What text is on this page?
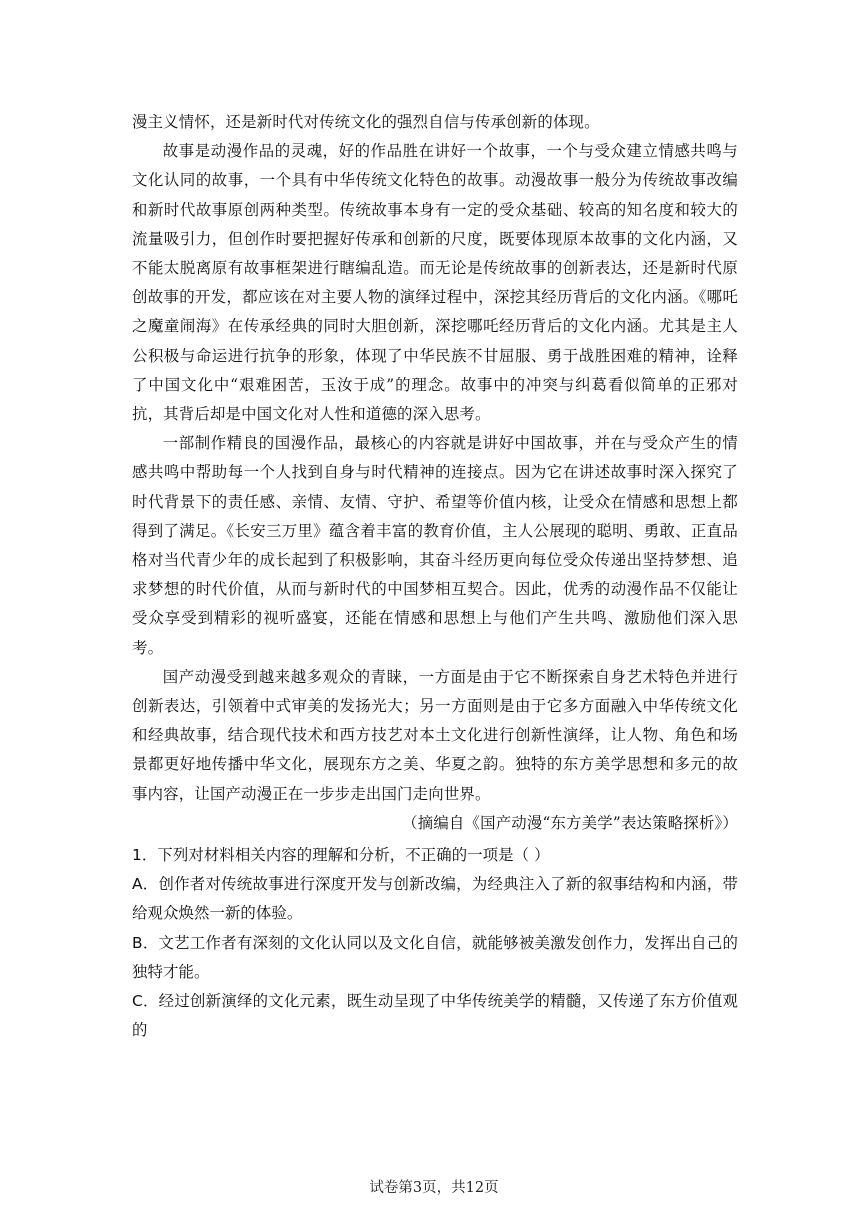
漫主义情怀，还是新时代对传统文化的强烈自信与传承创新的体现。

故事是动漫作品的灵魂，好的作品胜在讲好一个故事，一个与受众建立情感共鸣与文化认同的故事，一个具有中华传统文化特色的故事。动漫故事一般分为传统故事改编和新时代故事原创两种类型。传统故事本身有一定的受众基础、较高的知名度和较大的流量吸引力，但创作时要把握好传承和创新的尺度，既要体现原本故事的文化内涵，又不能太脱离原有故事框架进行瞎编乱造。而无论是传统故事的创新表达，还是新时代原创故事的开发，都应该在对主要人物的演绎过程中，深挖其经历背后的文化内涵。《哪吒之魔童闹海》在传承经典的同时大胆创新，深挖哪吒经历背后的文化内涵。尤其是主人公积极与命运进行抗争的形象，体现了中华民族不甘屈服、勇于战胜困难的精神，诠释了中国文化中“艰难困苦，玉汝于成”的理念。故事中的冲突与纠葛看似简单的正邪对抗，其背后却是中国文化对人性和道德的深入思考。

一部制作精良的国漫作品，最核心的内容就是讲好中国故事，并在与受众产生的情感共鸣中帮助每一个人找到自身与时代精神的连接点。因为它在讲述故事时深入探究了时代背景下的责任感、亲情、友情、守护、希望等价值内核，让受众在情感和思想上都得到了满足。《长安三万里》蕴含着丰富的教育价值，主人公展现的聪明、勇敢、正直品格对当代青少年的成长起到了积极影响，其奋斗经历更向每位受众传递出坚持梦想、追求梦想的时代价值，从而与新时代的中国梦相互契合。因此，优秀的动漫作品不仅能让受众享受到精彩的视听盛宴，还能在情感和思想上与他们产生共鸣、激励他们深入思考。

国产动漫受到越来越多观众的青睐，一方面是由于它不断探索自身艺术特色并进行创新表达，引领着中式审美的发扬光大；另一方面则是由于它多方面融入中华传统文化和经典故事，结合现代技术和西方技艺对本土文化进行创新性演绎，让人物、角色和场景都更好地传播中华文化，展现东方之美、华夏之韵。独特的东方美学思想和多元的故事内容，让国产动漫正在一步步走出国门走向世界。

（摘编自《国产动漫“东方美学”表达策略探析》）

1．下列对材料相关内容的理解和分析，不正确的一项是（ ）

A．创作者对传统故事进行深度开发与创新改编，为经典注入了新的叙事结构和内涵，带给观众焕然一新的体验。

B．文艺工作者有深刻的文化认同以及文化自信，就能够被美激发创作力，发挥出自己的独特才能。

C．经过创新演绎的文化元素，既生动呈现了中华传统美学的精髓，又传递了东方价值观的

试卷第3页，共12页
